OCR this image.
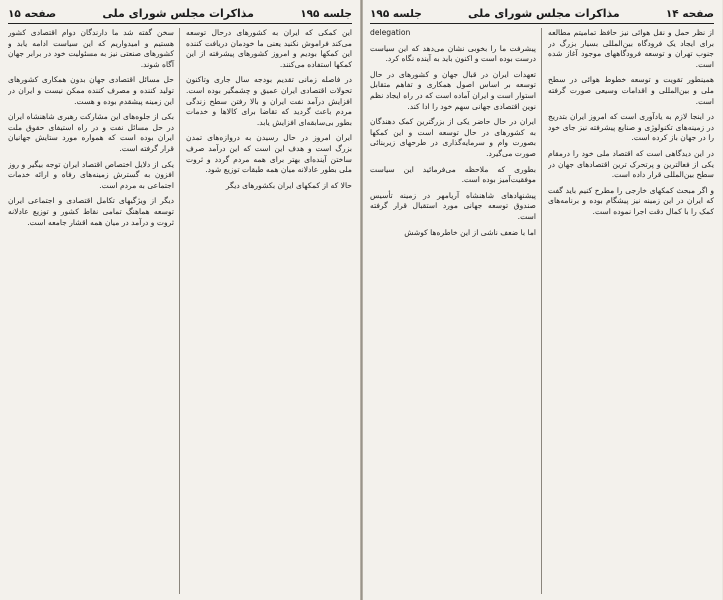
جلسه ۱۹۵
مذاکرات مجلس شورای ملی
صفحه ۱۵

این کمکی که ایران به کشورهای درحال توسعه می‌کند فراموش نکنید یعنی ما خودمان دریافت کننده این کمکها بودیم و امروز کشورهای پیشرفته از این کمکها استفاده می‌کنند.

در فاصله زمانی تقدیم بودجه سال جاری وتاکنون تحولات اقتصادی ایران عمیق و چشمگیر بوده است. افزایش درآمد نفت ایران و بالا رفتن سطح زندگی مردم باعث گردید که تقاضا برای کالاها و خدمات بطور بی‌سابقه‌ای افزایش یابد.

ایران امروز در حال رسیدن به دروازه‌های تمدن بزرگ است و هدف این است که این درآمد صرف ساختن آینده‌ای بهتر برای همه مردم گردد و ثروت ملی بطور عادلانه میان همه طبقات توزیع شود.

حالا که از کمکهای ایران بکشورهای دیگر

سخن گفته شد ما دارندگان دوام اقتصادی کشور هستیم و امیدواریم که این سیاست ادامه یابد و کشورهای صنعتی نیز به مسئولیت خود در برابر جهان آگاه شوند.

حل مسائل اقتصادی جهان بدون همکاری کشورهای تولید کننده و مصرف کننده ممکن نیست و ایران در این زمینه پیشقدم بوده و هست.

بکی از جلوه‌های این مشارکت رهبری شاهنشاه ایران در حل مسائل نفت و در راه استیفای حقوق ملت ایران بوده است که همواره مورد ستایش جهانیان قرار گرفته است.

یکی از دلایل اختصاص اقتصاد ایران توجه بیگیر و روز افزون به گسترش زمینه‌های رفاه و ارائه خدمات اجتماعی به مردم است.

دیگر از ویژگیهای تکامل اقتصادی و اجتماعی ایران توسعه هماهنگ تمامی نقاط کشور و توزیع عادلانه ثروت و درآمد در میان همه اقشار جامعه است.

صفحه ۱۴
مذاکرات مجلس شورای ملی
جلسه ۱۹۵

از نظر حمل و نقل هوائی نیز حافظ تمامیتم مطالعه برای ایجاد یک فرودگاه بین‌المللی بسیار بزرگ در جنوب تهران و توسعه فرودگاههای موجود آغاز شده است.

همینطور تقویت و توسعه خطوط هوائی در سطح ملی و بین‌المللی و اقدامات وسیعی صورت گرفته است.

در اینجا لازم به یادآوری است که امروز ایران بتدریج در زمینه‌های تکنولوژی و صنایع پیشرفته نیز جای خود را در جهان باز کرده است.

در این دیدگاهی است که اقتصاد ملی خود را درمقام یکی از فعالترین و پرتحرک ترین اقتصادهای جهان در سطح بین‌المللی قرار داده است.

و اگر مبحث کمکهای خارجی را مطرح کنیم باید گفت که ایران در این زمینه نیز پیشگام بوده و برنامه‌های کمک را با کمال دقت اجرا نموده است.

delegation

پیشرفت ما را بخوبی نشان می‌دهد که این سیاست درست بوده است و اکنون باید به آینده نگاه کرد.

تعهدات ایران در قبال جهان و کشورهای در حال توسعه بر اساس اصول همکاری و تفاهم متقابل استوار است و ایران آماده است که در راه ایجاد نظم نوین اقتصادی جهانی سهم خود را ادا کند.

ایران در حال حاضر یکی از بزرگترین کمک دهندگان به کشورهای در حال توسعه است و این کمکها بصورت وام و سرمایه‌گذاری در طرحهای زیربنائی صورت می‌گیرد.

بطوری که ملاحظه می‌فرمائید این سیاست موفقیت‌آمیز بوده است.

پیشنهادهای شاهنشاه آریامهر در زمینه تأسیس صندوق توسعه جهانی مورد استقبال قرار گرفته است.

اما با ضعف ناشی از این خاطره‌ها کوشش
